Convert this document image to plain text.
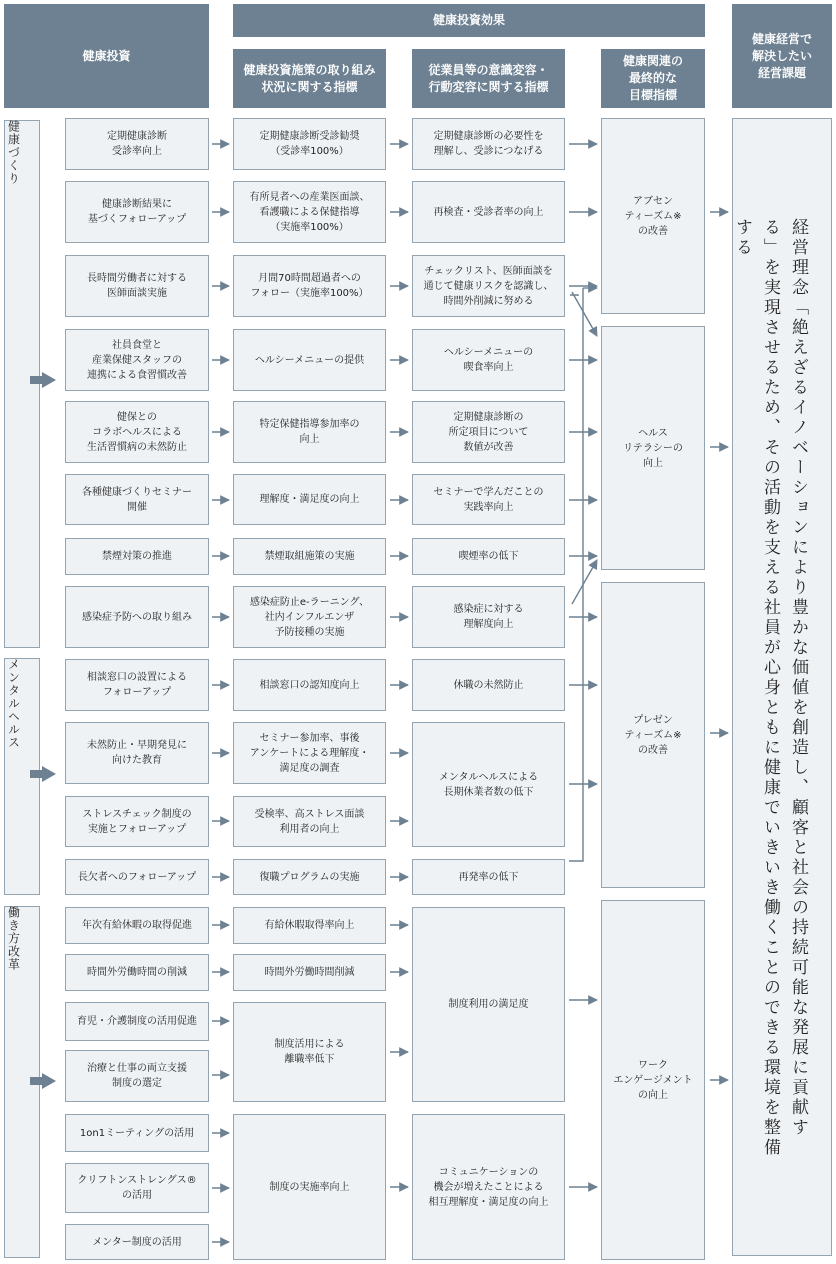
健康投資
健康投資効果
健康投資施策の取り組み
状況に関する指標
従業員等の意識変容・
行動変容に関する指標
健康関連の
最終的な
目標指標
健康経営で
解決したい
経営課題
健康づくり
メンタルヘルス
働き方改革
定期健康診断
受診率向上
健康診断結果に
基づくフォローアップ
長時間労働者に対する
医師面談実施
社員食堂と
産業保健スタッフの
連携による食習慣改善
健保との
コラボヘルスによる
生活習慣病の未然防止
各種健康づくりセミナー
開催
禁煙対策の推進
感染症予防への取り組み
相談窓口の設置による
フォローアップ
未然防止・早期発見に
向けた教育
ストレスチェック制度の
実施とフォローアップ
長欠者へのフォローアップ
年次有給休暇の取得促進
時間外労働時間の削減
育児・介護制度の活用促進
治療と仕事の両立支援
制度の選定
1on1ミーティングの活用
クリフトンストレングス®
の活用
メンター制度の活用
定期健康診断受診勧奨
（受診率100%）
有所見者への産業医面談、
看護職による保健指導
（実施率100%）
月間70時間超過者への
フォロー（実施率100%）
ヘルシーメニューの提供
特定保健指導参加率の
向上
理解度・満足度の向上
禁煙取組施策の実施
感染症防止e-ラーニング、
社内インフルエンザ
予防接種の実施
相談窓口の認知度向上
セミナー参加率、事後
アンケートによる理解度・
満足度の調査
受検率、高ストレス面談
利用者の向上
復職プログラムの実施
有給休暇取得率向上
時間外労働時間削減
制度活用による
離職率低下
制度の実施率向上
定期健康診断の必要性を
理解し、受診につなげる
再検査・受診者率の向上
チェックリスト、医師面談を
通じて健康リスクを認識し、
時間外削減に努める
ヘルシーメニューの
喫食率向上
定期健康診断の
所定項目について
数値が改善
セミナーで学んだことの
実践率向上
喫煙率の低下
感染症に対する
理解度向上
休職の未然防止
メンタルヘルスによる
長期休業者数の低下
再発率の低下
制度利用の満足度
コミュニケーションの
機会が増えたことによる
相互理解度・満足度の向上
アブセン
ティーズム※
の改善
ヘルス
リテラシーの
向上
プレゼン
ティーズム※
の改善
ワーク
エンゲージメント
の向上	経営理念「絶えざるイノベーションにより豊かな価値を創造し、顧客と社会の持続可能な発展に貢献する」を実現させるため、その活動を支える社員が心身ともに健康でいきいき働くことのできる環境を整備する
